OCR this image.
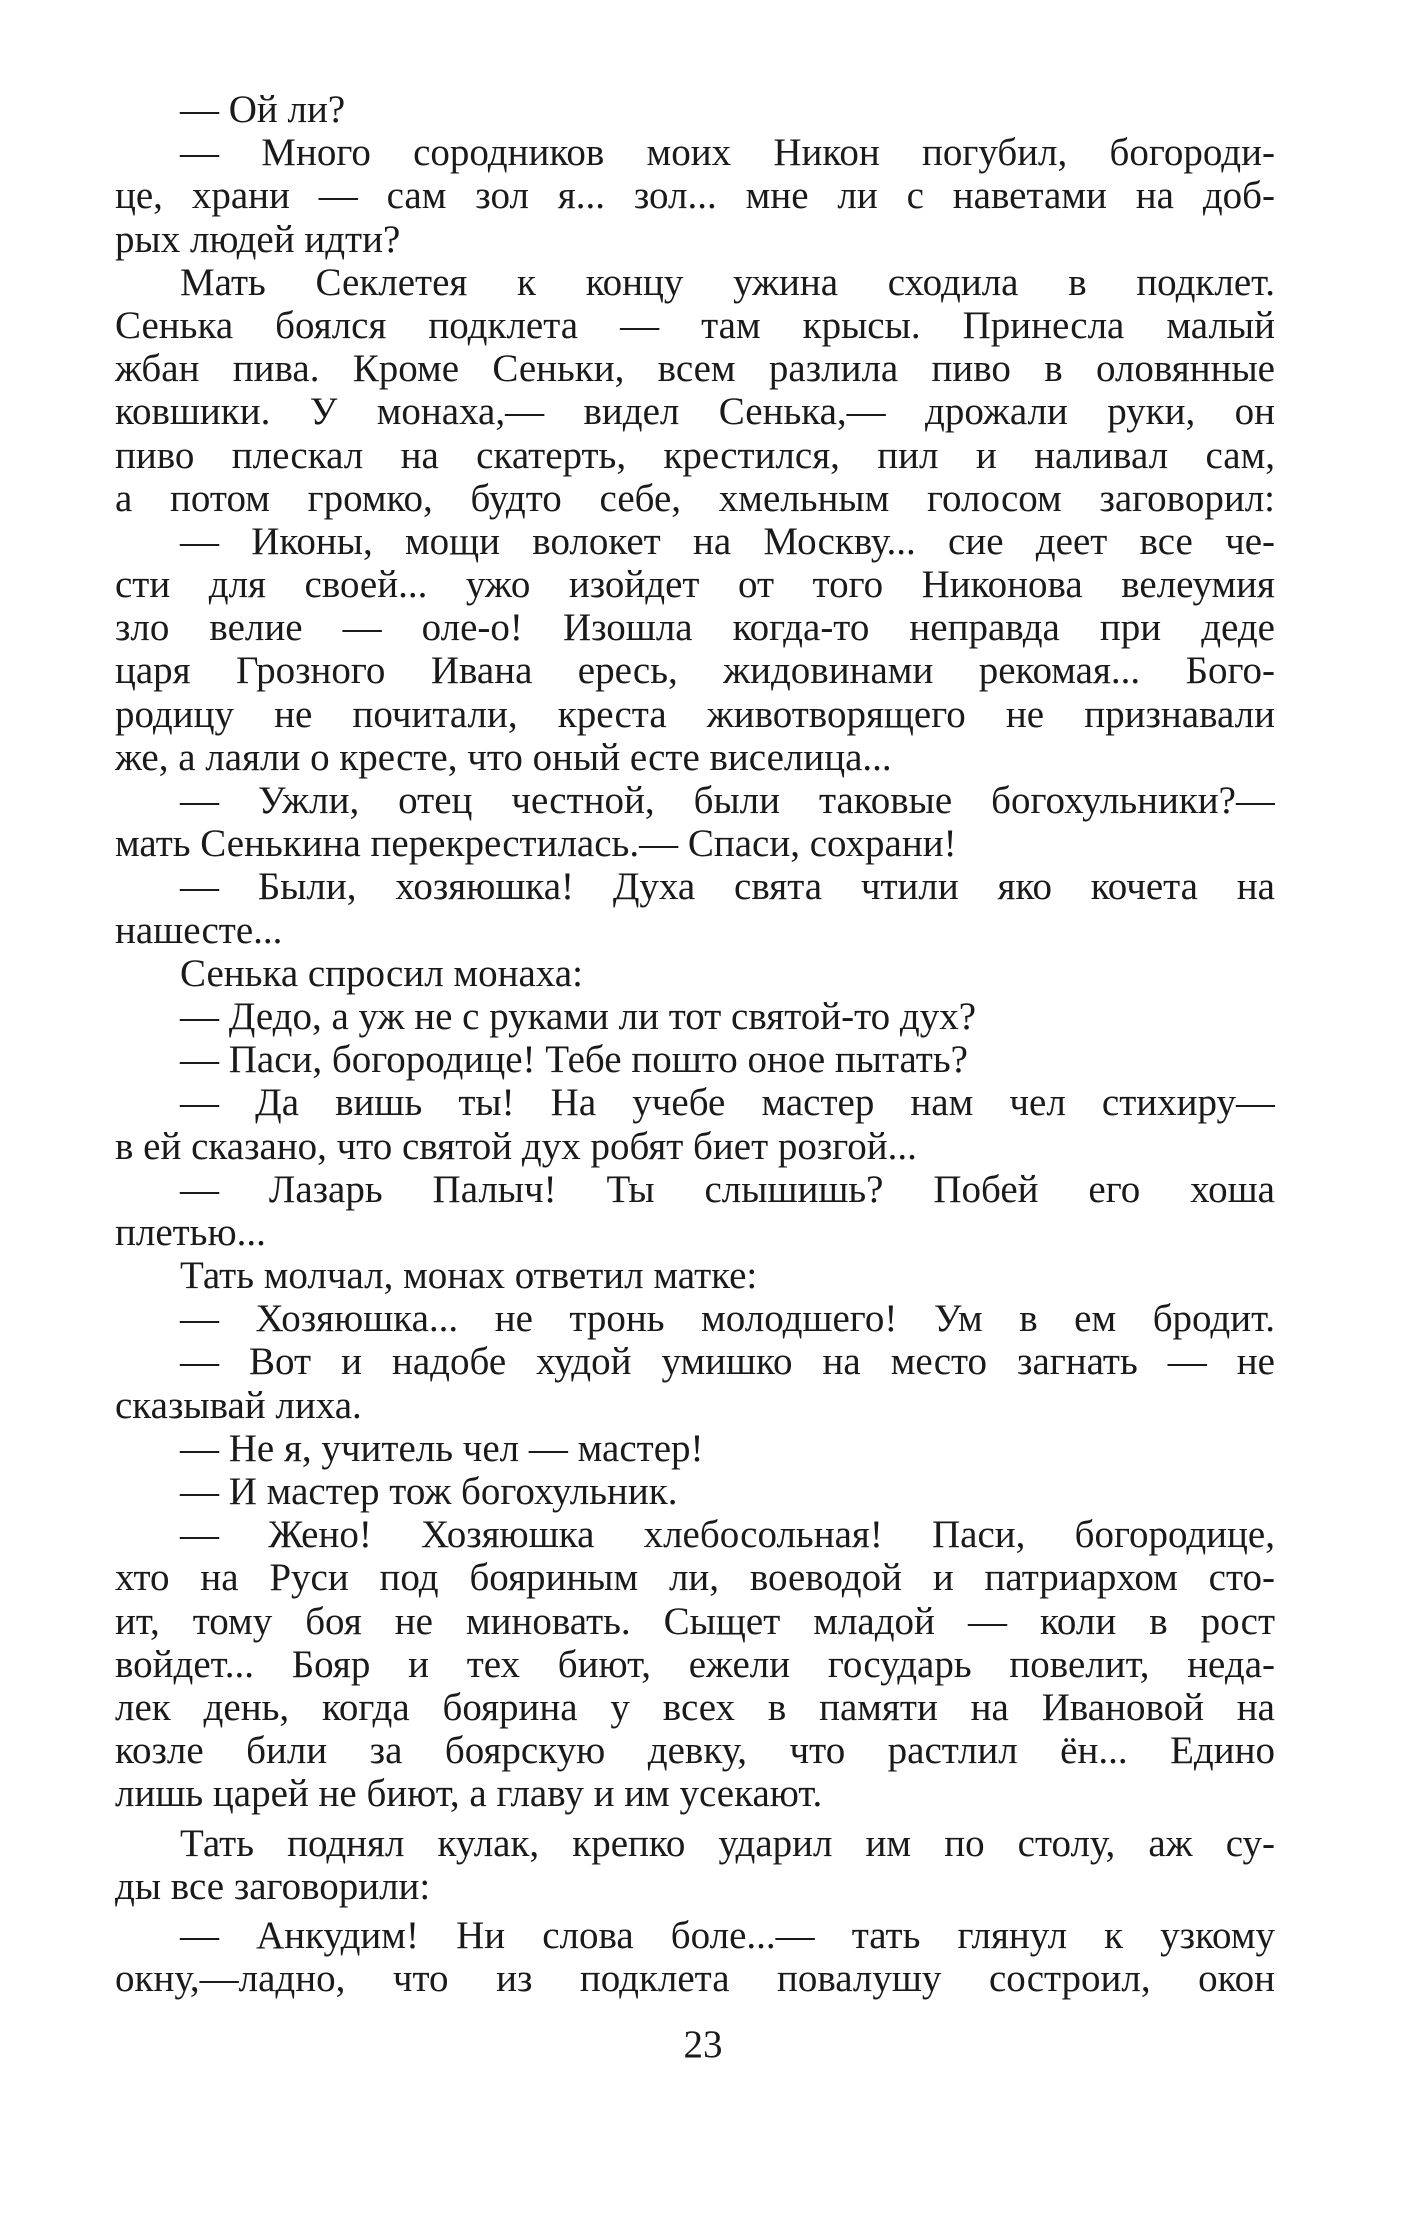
— Ой ли?
— Много сородников моих Никон погубил, богороди-
це, храни — сам зол я... зол... мне ли с наветами на доб-
рых людей идти?
Мать Секлетея к концу ужина сходила в подклет.
Сенька боялся подклета — там крысы. Принесла малый
жбан пива. Кроме Сеньки, всем разлила пиво в оловянные
ковшики. У монаха,— видел Сенька,— дрожали руки, он
пиво плескал на скатерть, крестился, пил и наливал сам,
а потом громко, будто себе, хмельным голосом заговорил:
— Иконы, мощи волокет на Москву... сие деет все че-
сти для своей... ужо изойдет от того Никонова велеумия
зло велие — оле-о! Изошла когда-то неправда при деде
царя Грозного Ивана ересь, жидовинами рекомая... Бого-
родицу не почитали, креста животворящего не признавали
же, а лаяли о кресте, что оный есте виселица...
— Ужли, отец честной, были таковые богохульники?—
мать Сенькина перекрестилась.— Спаси, сохрани!
— Были, хозяюшка! Духа свята чтили яко кочета на
нашесте...
Сенька спросил монаха:
— Дедо, а уж не с руками ли тот святой-то дух?
— Паси, богородице! Тебе пошто оное пытать?
— Да вишь ты! На учебе мастер нам чел стихиру—
в ей сказано, что святой дух робят биет розгой...
— Лазарь Палыч! Ты слышишь? Побей его хоша
плетью...
Тать молчал, монах ответил матке:
— Хозяюшка... не тронь молодшего! Ум в ем бродит.
— Вот и надобе худой умишко на место загнать — не
сказывай лиха.
— Не я, учитель чел — мастер!
— И мастер тож богохульник.
— Жено! Хозяюшка хлебосольная! Паси, богородице,
хто на Руси под бояриным ли, воеводой и патриархом сто-
ит, тому боя не миновать. Сыщет младой — коли в рост
войдет... Бояр и тех биют, ежели государь повелит, неда-
лек день, когда боярина у всех в памяти на Ивановой на
козле били за боярскую девку, что растлил ён... Едино
лишь царей не биют, а главу и им усекают.
Тать поднял кулак, крепко ударил им по столу, аж су-
ды все заговорили:
— Анкудим! Ни слова боле...— тать глянул к узкому
окну,—ладно, что из подклета повалушу состроил, окон
23
